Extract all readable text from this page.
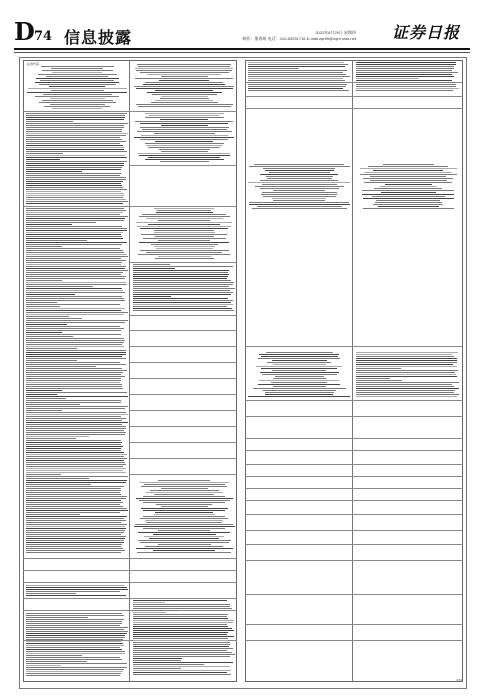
D 74 信息披露	2022年8月25日 星期四
制作：董春萌 电话：010-83251716 E-mail:zqrb9@zqrb.sina.net 证券日报
证券代码
D74
